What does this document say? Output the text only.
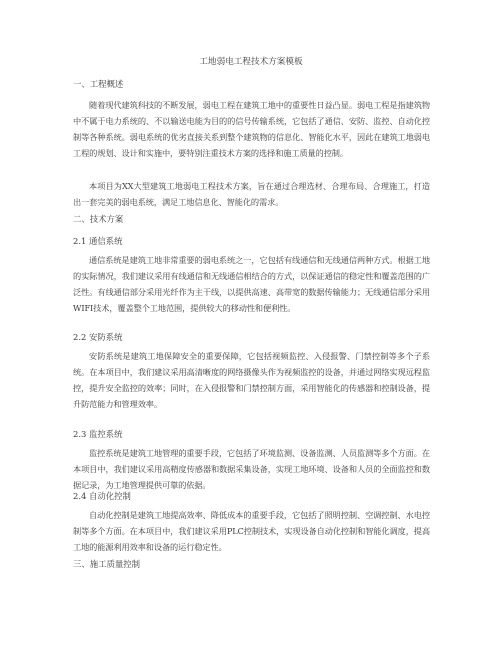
工地弱电工程技术方案模板
一、工程概述

随着现代建筑科技的不断发展，弱电工程在建筑工地中的重要性日益凸显。弱电工程是指建筑物中不属于电力系统的、不以输送电能为目的的信号传输系统，它包括了通信、安防、监控、自动化控制等各种系统。弱电系统的优劣直接关系到整个建筑物的信息化、智能化水平，因此在建筑工地弱电工程的规划、设计和实施中，要特别注重技术方案的选择和施工质量的控制。

本项目为XX大型建筑工地弱电工程技术方案，旨在通过合理选材、合理布局、合理施工，打造出一套完美的弱电系统，满足工地信息化、智能化的需求。

二、技术方案
2.1 通信系统

通信系统是建筑工地非常重要的弱电系统之一，它包括有线通信和无线通信两种方式。根据工地的实际情况，我们建议采用有线通信和无线通信相结合的方式，以保证通信的稳定性和覆盖范围的广泛性。有线通信部分采用光纤作为主干线，以提供高速、高带宽的数据传输能力；无线通信部分采用WIFI技术，覆盖整个工地范围，提供较大的移动性和便利性。

2.2 安防系统

安防系统是建筑工地保障安全的重要保障，它包括视频监控、入侵报警、门禁控制等多个子系统。在本项目中，我们建议采用高清晰度的网络摄像头作为视频监控的设备，并通过网络实现远程监控，提升安全监控的效率；同时，在入侵报警和门禁控制方面，采用智能化的传感器和控制设备，提升防范能力和管理效率。

2.3 监控系统

监控系统是建筑工地管理的重要手段，它包括了环境监测、设备监测、人员监测等多个方面。在本项目中，我们建议采用高精度传感器和数据采集设备，实现工地环境、设备和人员的全面监控和数据记录，为工地管理提供可靠的依据。

2.4 自动化控制

自动化控制是建筑工地提高效率、降低成本的重要手段，它包括了照明控制、空调控制、水电控制等多个方面。在本项目中，我们建议采用PLC控制技术，实现设备自动化控制和智能化调度，提高工地的能源利用效率和设备的运行稳定性。

三、施工质量控制
